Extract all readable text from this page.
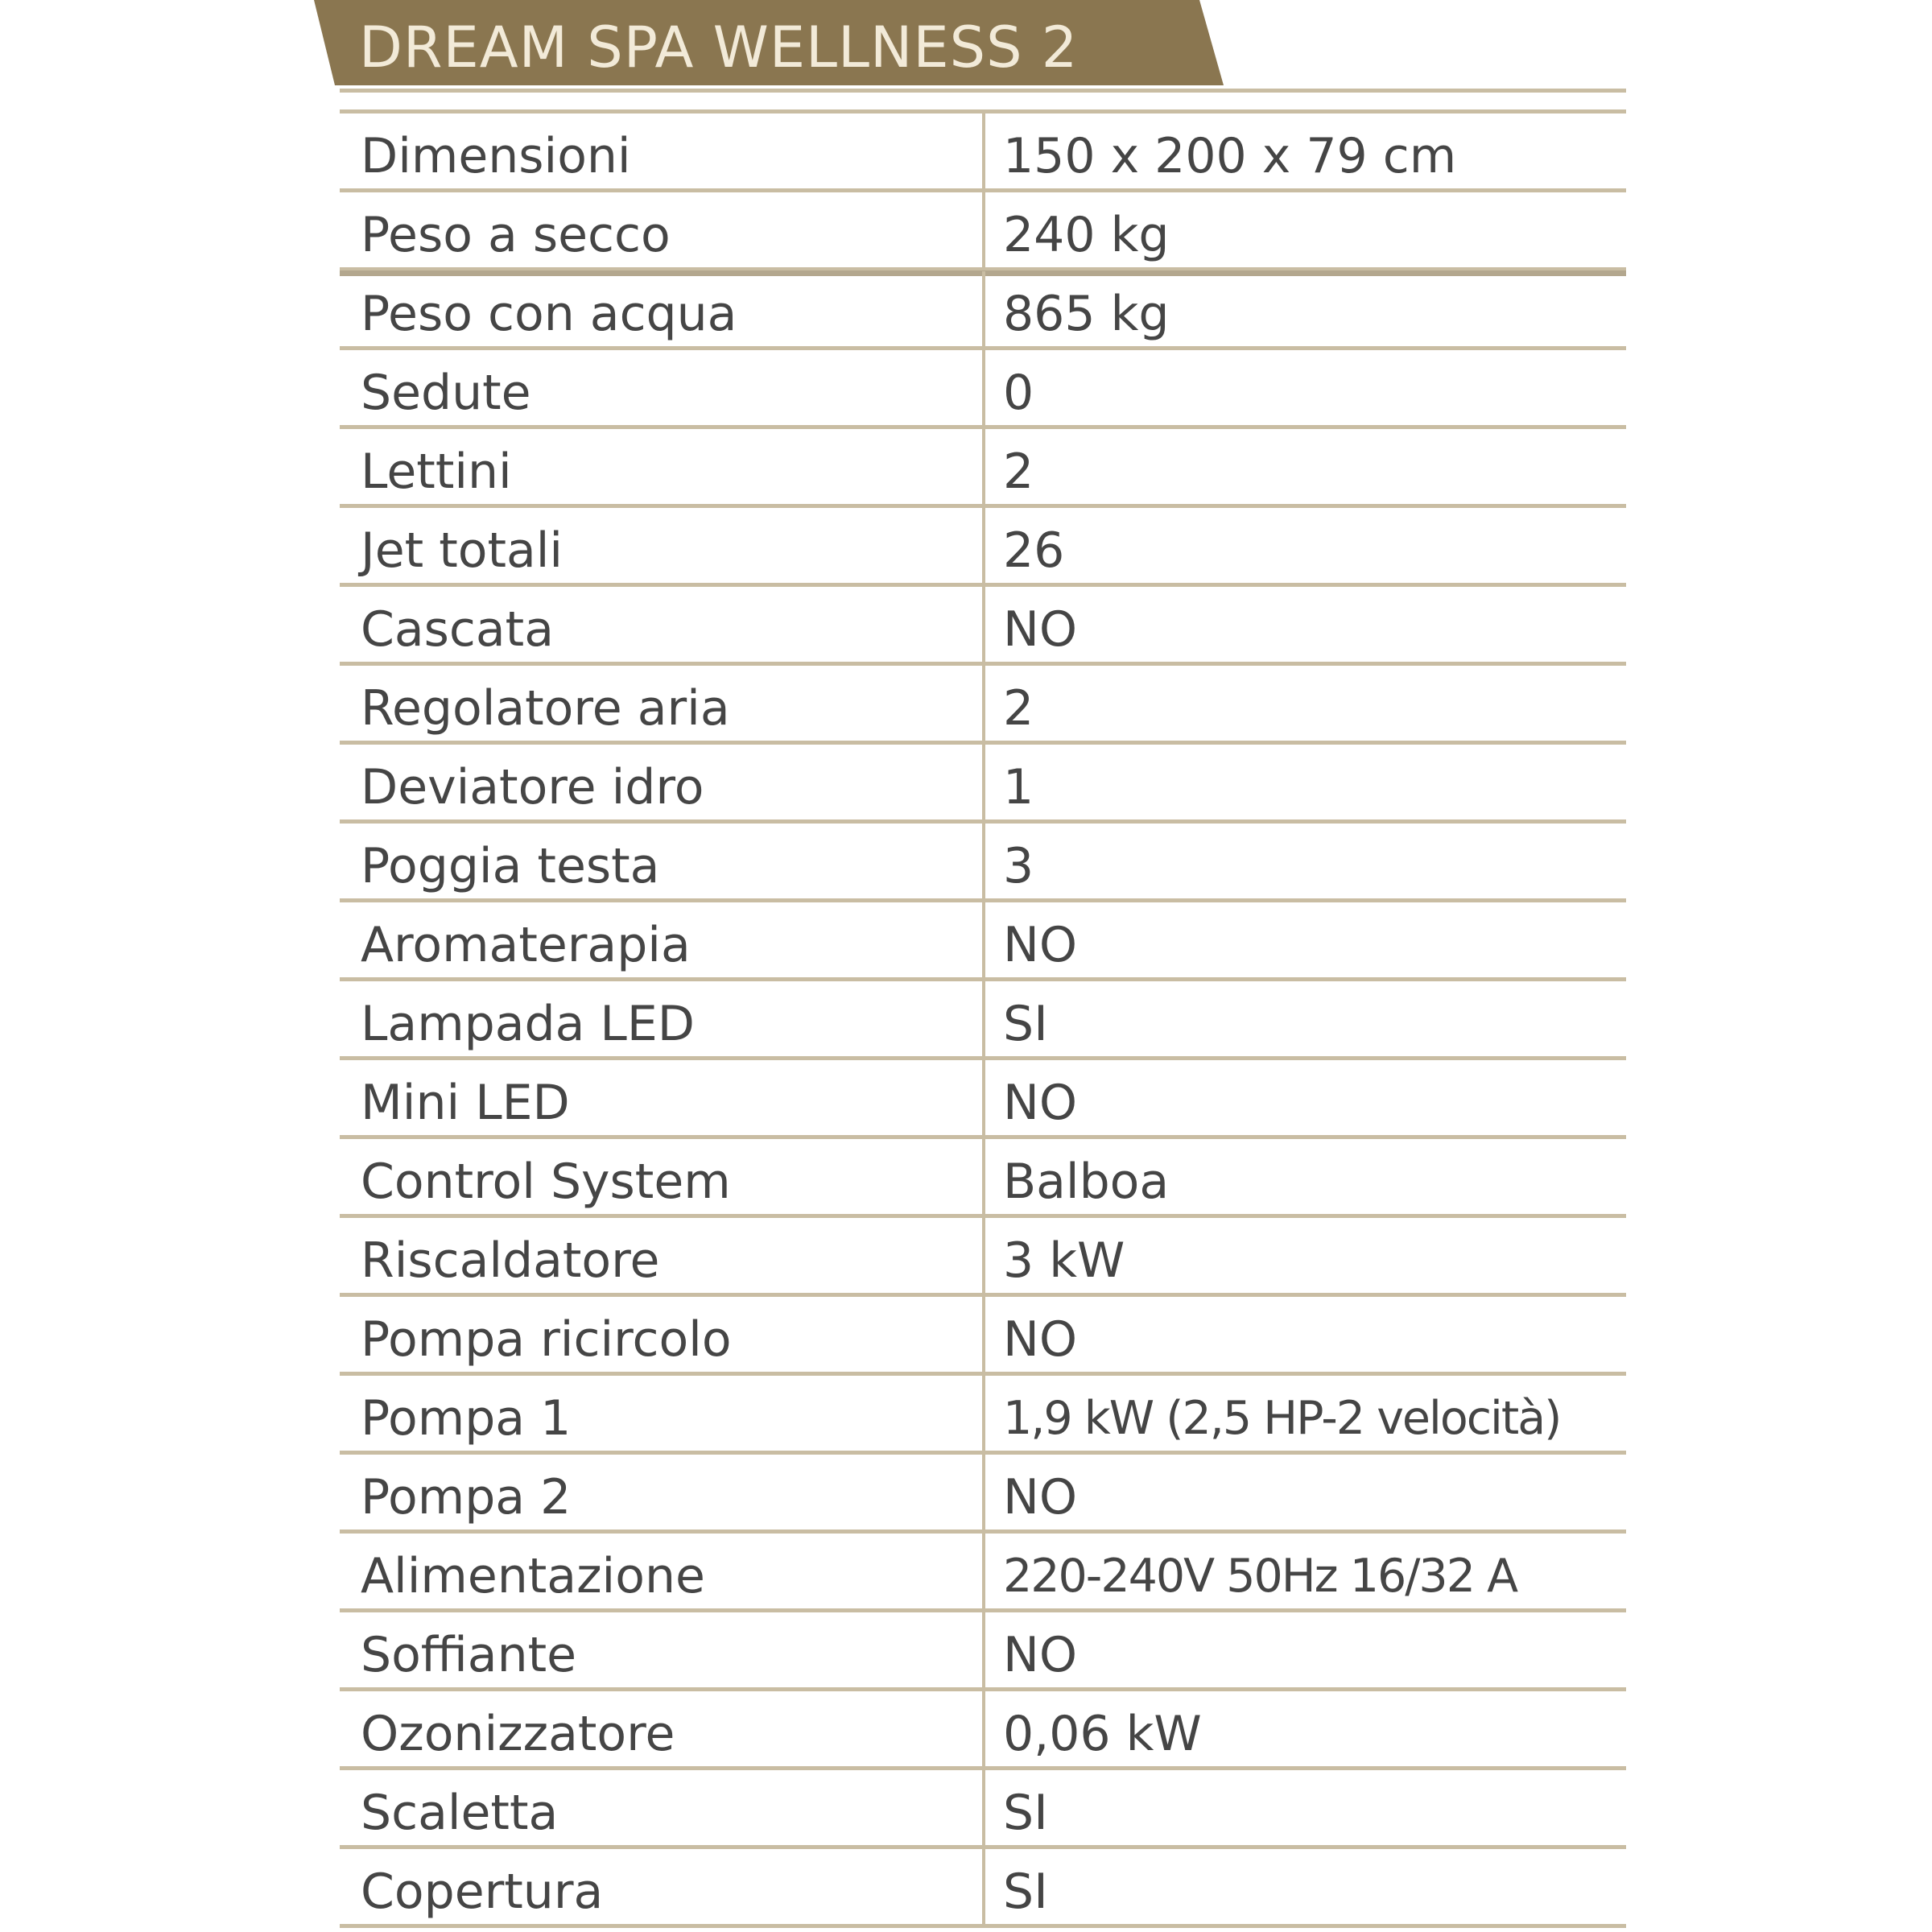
DREAM SPA WELLNESS 2
Dimensioni	150 x 200 x 79 cm
Peso a secco	240 kg
Peso con acqua	865 kg
Sedute	0
Lettini	2
Jet totali	26
Cascata	NO
Regolatore aria	2
Deviatore idro	1
Poggia testa	3
Aromaterapia	NO
Lampada LED	SI
Mini LED	NO
Control System	Balboa
Riscaldatore	3 kW
Pompa ricircolo	NO
Pompa 1	1,9 kW (2,5 HP-2 velocità)
Pompa 2	NO
Alimentazione	220-240V 50Hz 16/32 A
Soffiante	NO
Ozonizzatore	0,06 kW
Scaletta	SI
Copertura	SI
